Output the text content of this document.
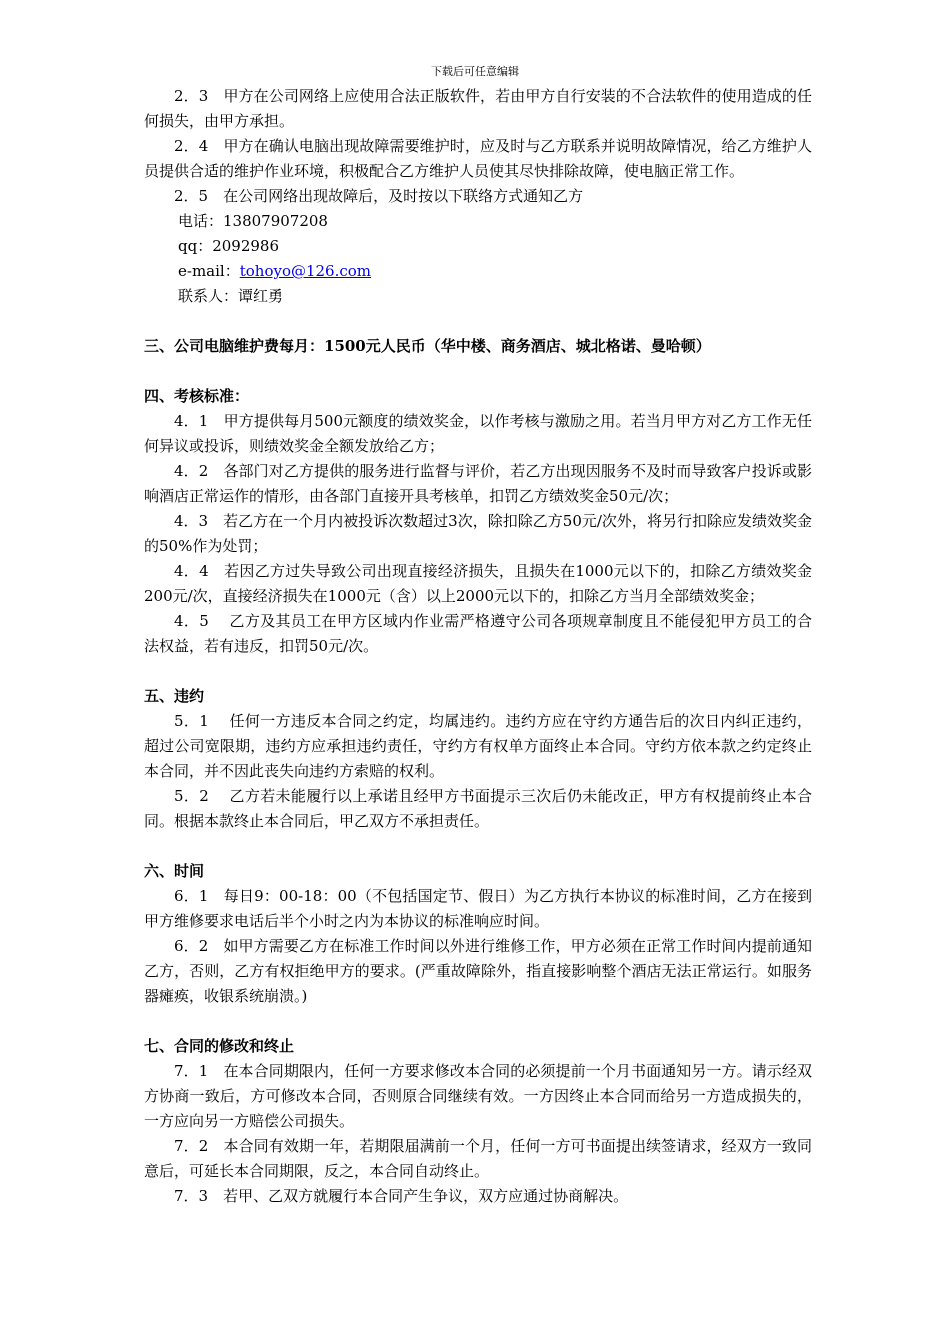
下载后可任意编辑

2．3　甲方在公司网络上应使用合法正版软件，若由甲方自行安装的不合法软件的使用造成的任何损失，由甲方承担。

2．4　甲方在确认电脑出现故障需要维护时，应及时与乙方联系并说明故障情况，给乙方维护人员提供合适的维护作业环境，积极配合乙方维护人员使其尽快排除故障，使电脑正常工作。

2．5　在公司网络出现故障后，及时按以下联络方式通知乙方

电话：13807907208

qq：2092986

e-mail：tohoyo@126.com

联系人：谭红勇

三、公司电脑维护费每月：1500元人民币（华中楼、商务酒店、城北格诺、曼哈顿）

四、考核标准：

4．1　甲方提供每月500元额度的绩效奖金，以作考核与激励之用。若当月甲方对乙方工作无任何异议或投诉，则绩效奖金全额发放给乙方；

4．2　各部门对乙方提供的服务进行监督与评价，若乙方出现因服务不及时而导致客户投诉或影响酒店正常运作的情形，由各部门直接开具考核单，扣罚乙方绩效奖金50元/次；

4．3　若乙方在一个月内被投诉次数超过3次，除扣除乙方50元/次外，将另行扣除应发绩效奖金的50%作为处罚；

4．4　若因乙方过失导致公司出现直接经济损失，且损失在1000元以下的，扣除乙方绩效奖金200元/次，直接经济损失在1000元（含）以上2000元以下的，扣除乙方当月全部绩效奖金；

4．5　 乙方及其员工在甲方区域内作业需严格遵守公司各项规章制度且不能侵犯甲方员工的合法权益，若有违反，扣罚50元/次。

五、违约

5．1　 任何一方违反本合同之约定，均属违约。违约方应在守约方通告后的次日内纠正违约，超过公司宽限期，违约方应承担违约责任，守约方有权单方面终止本合同。守约方依本款之约定终止本合同，并不因此丧失向违约方索赔的权利。

5．2　 乙方若未能履行以上承诺且经甲方书面提示三次后仍未能改正，甲方有权提前终止本合同。根据本款终止本合同后，甲乙双方不承担责任。

六、时间

6．1　每日9：00-18：00（不包括国定节、假日）为乙方执行本协议的标准时间，乙方在接到甲方维修要求电话后半个小时之内为本协议的标准响应时间。

6．2　如甲方需要乙方在标准工作时间以外进行维修工作，甲方必须在正常工作时间内提前通知乙方，否则，乙方有权拒绝甲方的要求。(严重故障除外，指直接影响整个酒店无法正常运行。如服务器瘫痪，收银系统崩溃。)

七、合同的修改和终止

7．1　在本合同期限内，任何一方要求修改本合同的必须提前一个月书面通知另一方。请示经双方协商一致后，方可修改本合同，否则原合同继续有效。一方因终止本合同而给另一方造成损失的，一方应向另一方赔偿公司损失。

7．2　本合同有效期一年，若期限届满前一个月，任何一方可书面提出续签请求，经双方一致同意后，可延长本合同期限，反之，本合同自动终止。

7．3　若甲、乙双方就履行本合同产生争议，双方应通过协商解决。
